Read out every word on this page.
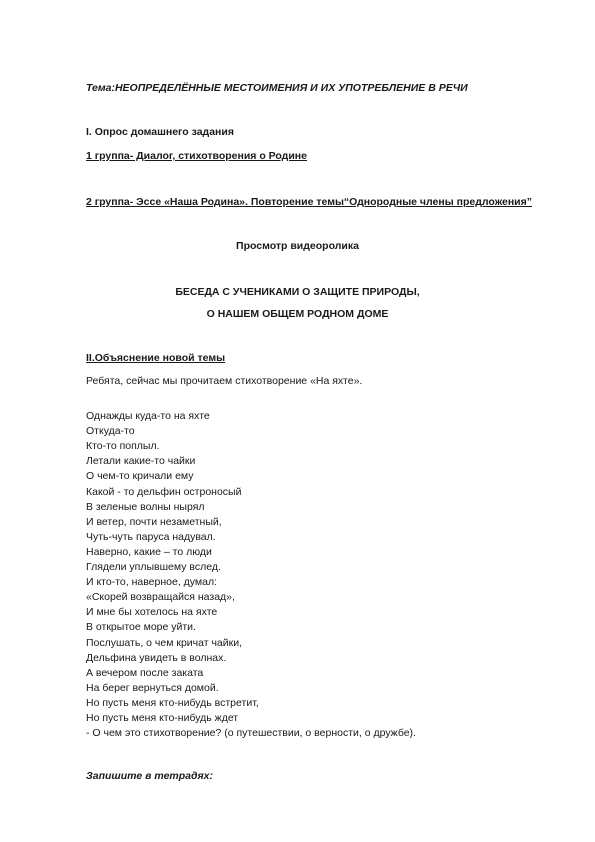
Тема:НЕОПРЕДЕЛЁННЫЕ МЕСТОИМЕНИЯ И ИХ УПОТРЕБЛЕНИЕ В РЕЧИ
I. Опрос домашнего задания
1 группа- Диалог, стихотворения о Родине
2 группа- Эссе «Наша Родина». Повторение темы“Однородные члены предложения”
Просмотр видеоролика
БЕСЕДА С УЧЕНИКАМИ О ЗАЩИТЕ ПРИРОДЫ,
О НАШЕМ ОБЩЕМ РОДНОМ ДОМЕ
II.Объяснение новой темы
Ребята, сейчас мы прочитаем стихотворение «На яхте».
Однажды куда-то на яхте
Откуда-то
Кто-то поплыл.
Летали какие-то чайки
О чем-то кричали ему
Какой - то дельфин остроносый
В зеленые волны нырял
И ветер, почти незаметный,
Чуть-чуть паруса надувал.
Наверно, какие – то люди
Глядели уплывшему вслед.
И кто-то, наверное, думал:
«Скорей возвращайся назад»,
И мне бы хотелось на яхте
В открытое море уйти.
Послушать, о чем кричат чайки,
Дельфина увидеть в волнах.
А вечером после заката
На берег вернуться домой.
Но пусть меня кто-нибудь встретит,
Но пусть меня кто-нибудь ждет
- О чем это стихотворение? (о путешествии, о верности, о дружбе).
Запишите в тетрадях:
